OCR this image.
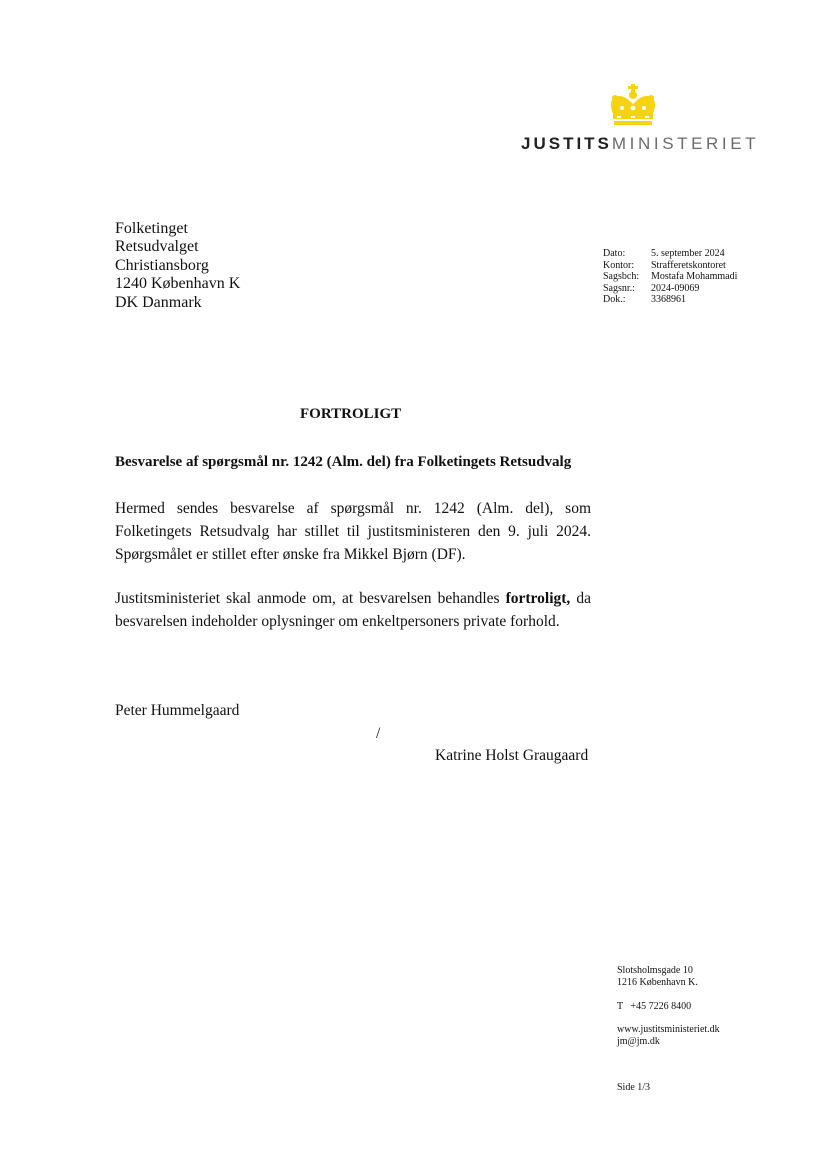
JUSTITSMINISTERIET
Folketinget
Retsudvalget
Christiansborg
1240 København K
DK Danmark
Dato:	5. september 2024
Kontor:	Strafferetskontoret
Sagsbch:	Mostafa Mohammadi
Sagsnr.:	2024-09069
Dok.:	3368961
FORTROLIGT
Besvarelse af spørgsmål nr. 1242 (Alm. del) fra Folketingets Retsudvalg
Hermed sendes besvarelse af spørgsmål nr. 1242 (Alm. del), som
Folketingets Retsudvalg har stillet til justitsministeren den 9. juli 2024.
Spørgsmålet er stillet efter ønske fra Mikkel Bjørn (DF).
Justitsministeriet skal anmode om, at besvarelsen behandles fortroligt, da
besvarelsen indeholder oplysninger om enkeltpersoners private forhold.
Peter Hummelgaard
/
Katrine Holst Graugaard
Slotsholmsgade 10
1216 København K.
T   +45 7226 8400
www.justitsministeriet.dk
jm@jm.dk
Side 1/3
